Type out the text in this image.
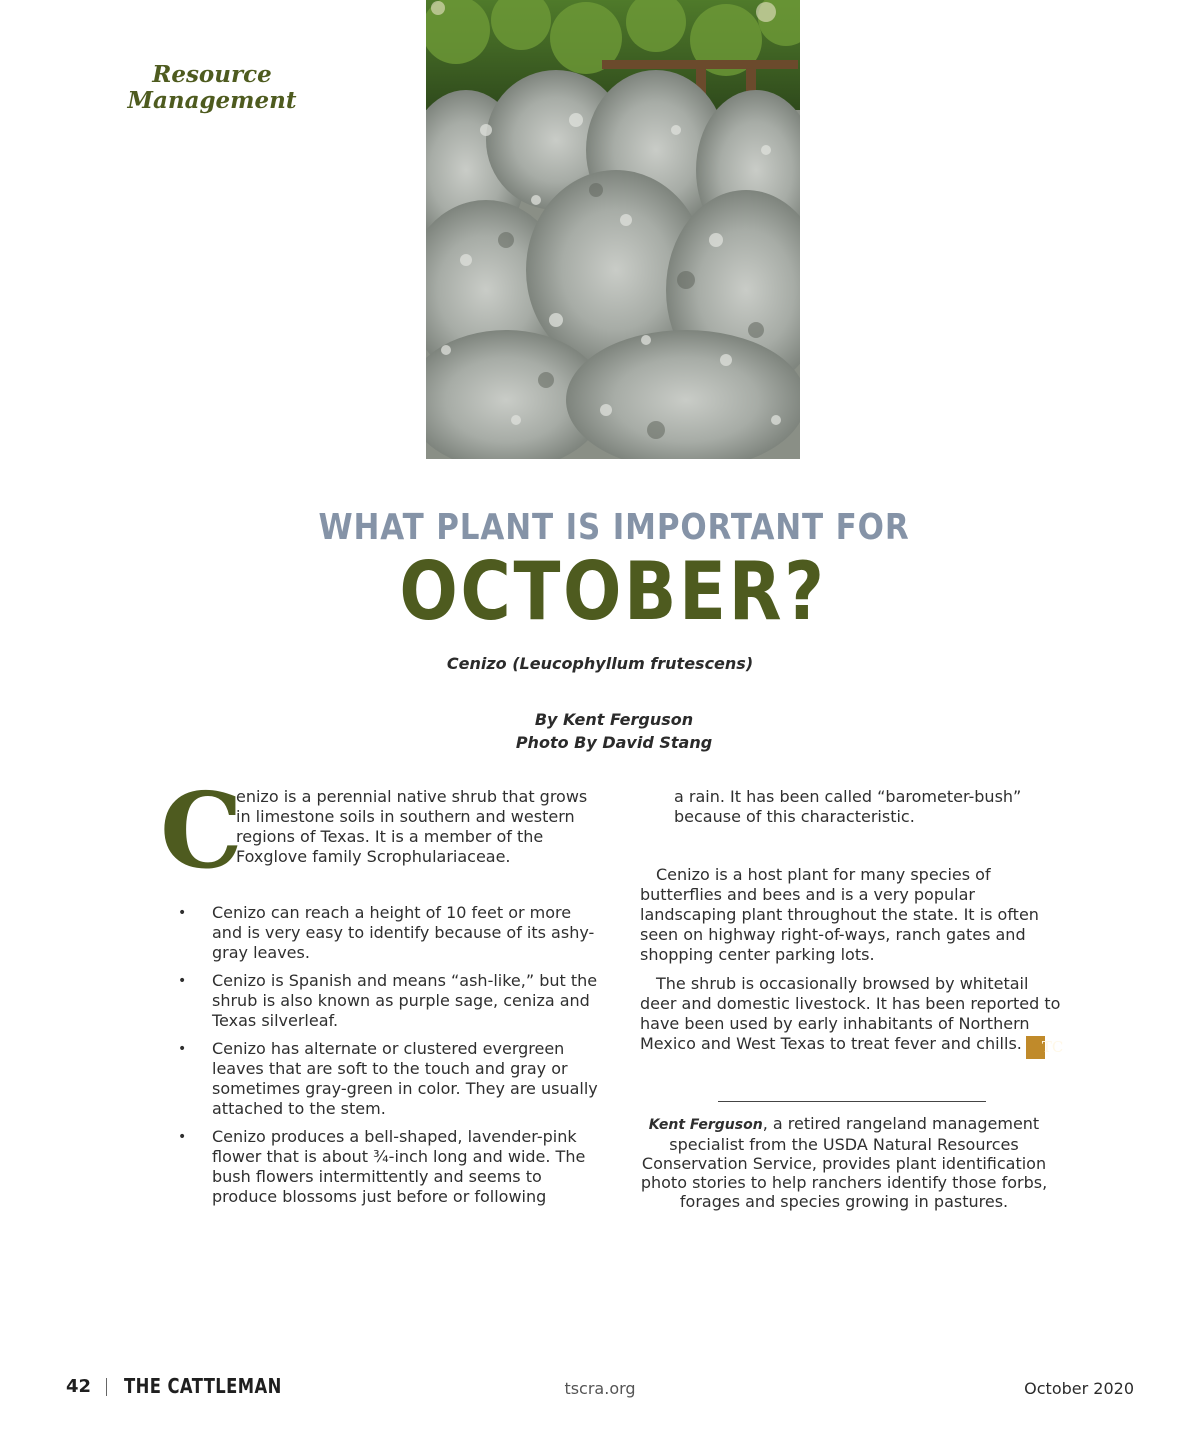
Resource
Management
WHAT PLANT IS IMPORTANT FOR
OCTOBER?
Cenizo (Leucophyllum frutescens)
By Kent Ferguson
Photo By David Stang
C

enizo is a perennial native shrub that grows in limestone soils in southern and western regions of Texas. It is a member of the Foxglove family Scrophulariaceae.

• Cenizo can reach a height of 10 feet or more and is very easy to identify because of its ashy-gray leaves.
• Cenizo is Spanish and means “ash-like,” but the shrub is also known as purple sage, ceniza and Texas silverleaf.
• Cenizo has alternate or clustered evergreen leaves that are soft to the touch and gray or sometimes gray-green in color. They are usually attached to the stem.
• Cenizo produces a bell-shaped, lavender-pink flower that is about ¾-inch long and wide. The bush flowers intermittently and seems to produce blossoms just before or following

a rain. It has been called “barometer-bush” because of this characteristic.

Cenizo is a host plant for many species of butterflies and bees and is a very popular landscaping plant throughout the state. It is often seen on highway right-of-ways, ranch gates and shopping center parking lots.

The shrub is occasionally browsed by whitetail deer and domestic livestock. It has been reported to have been used by early inhabitants of Northern Mexico and West Texas to treat fever and chills. TC

Kent Ferguson, a retired rangeland management specialist from the USDA Natural Resources Conservation Service, provides plant identification photo stories to help ranchers identify those forbs, forages and species growing in pastures.
42 THE CATTLEMAN	tscra.org	October 2020
